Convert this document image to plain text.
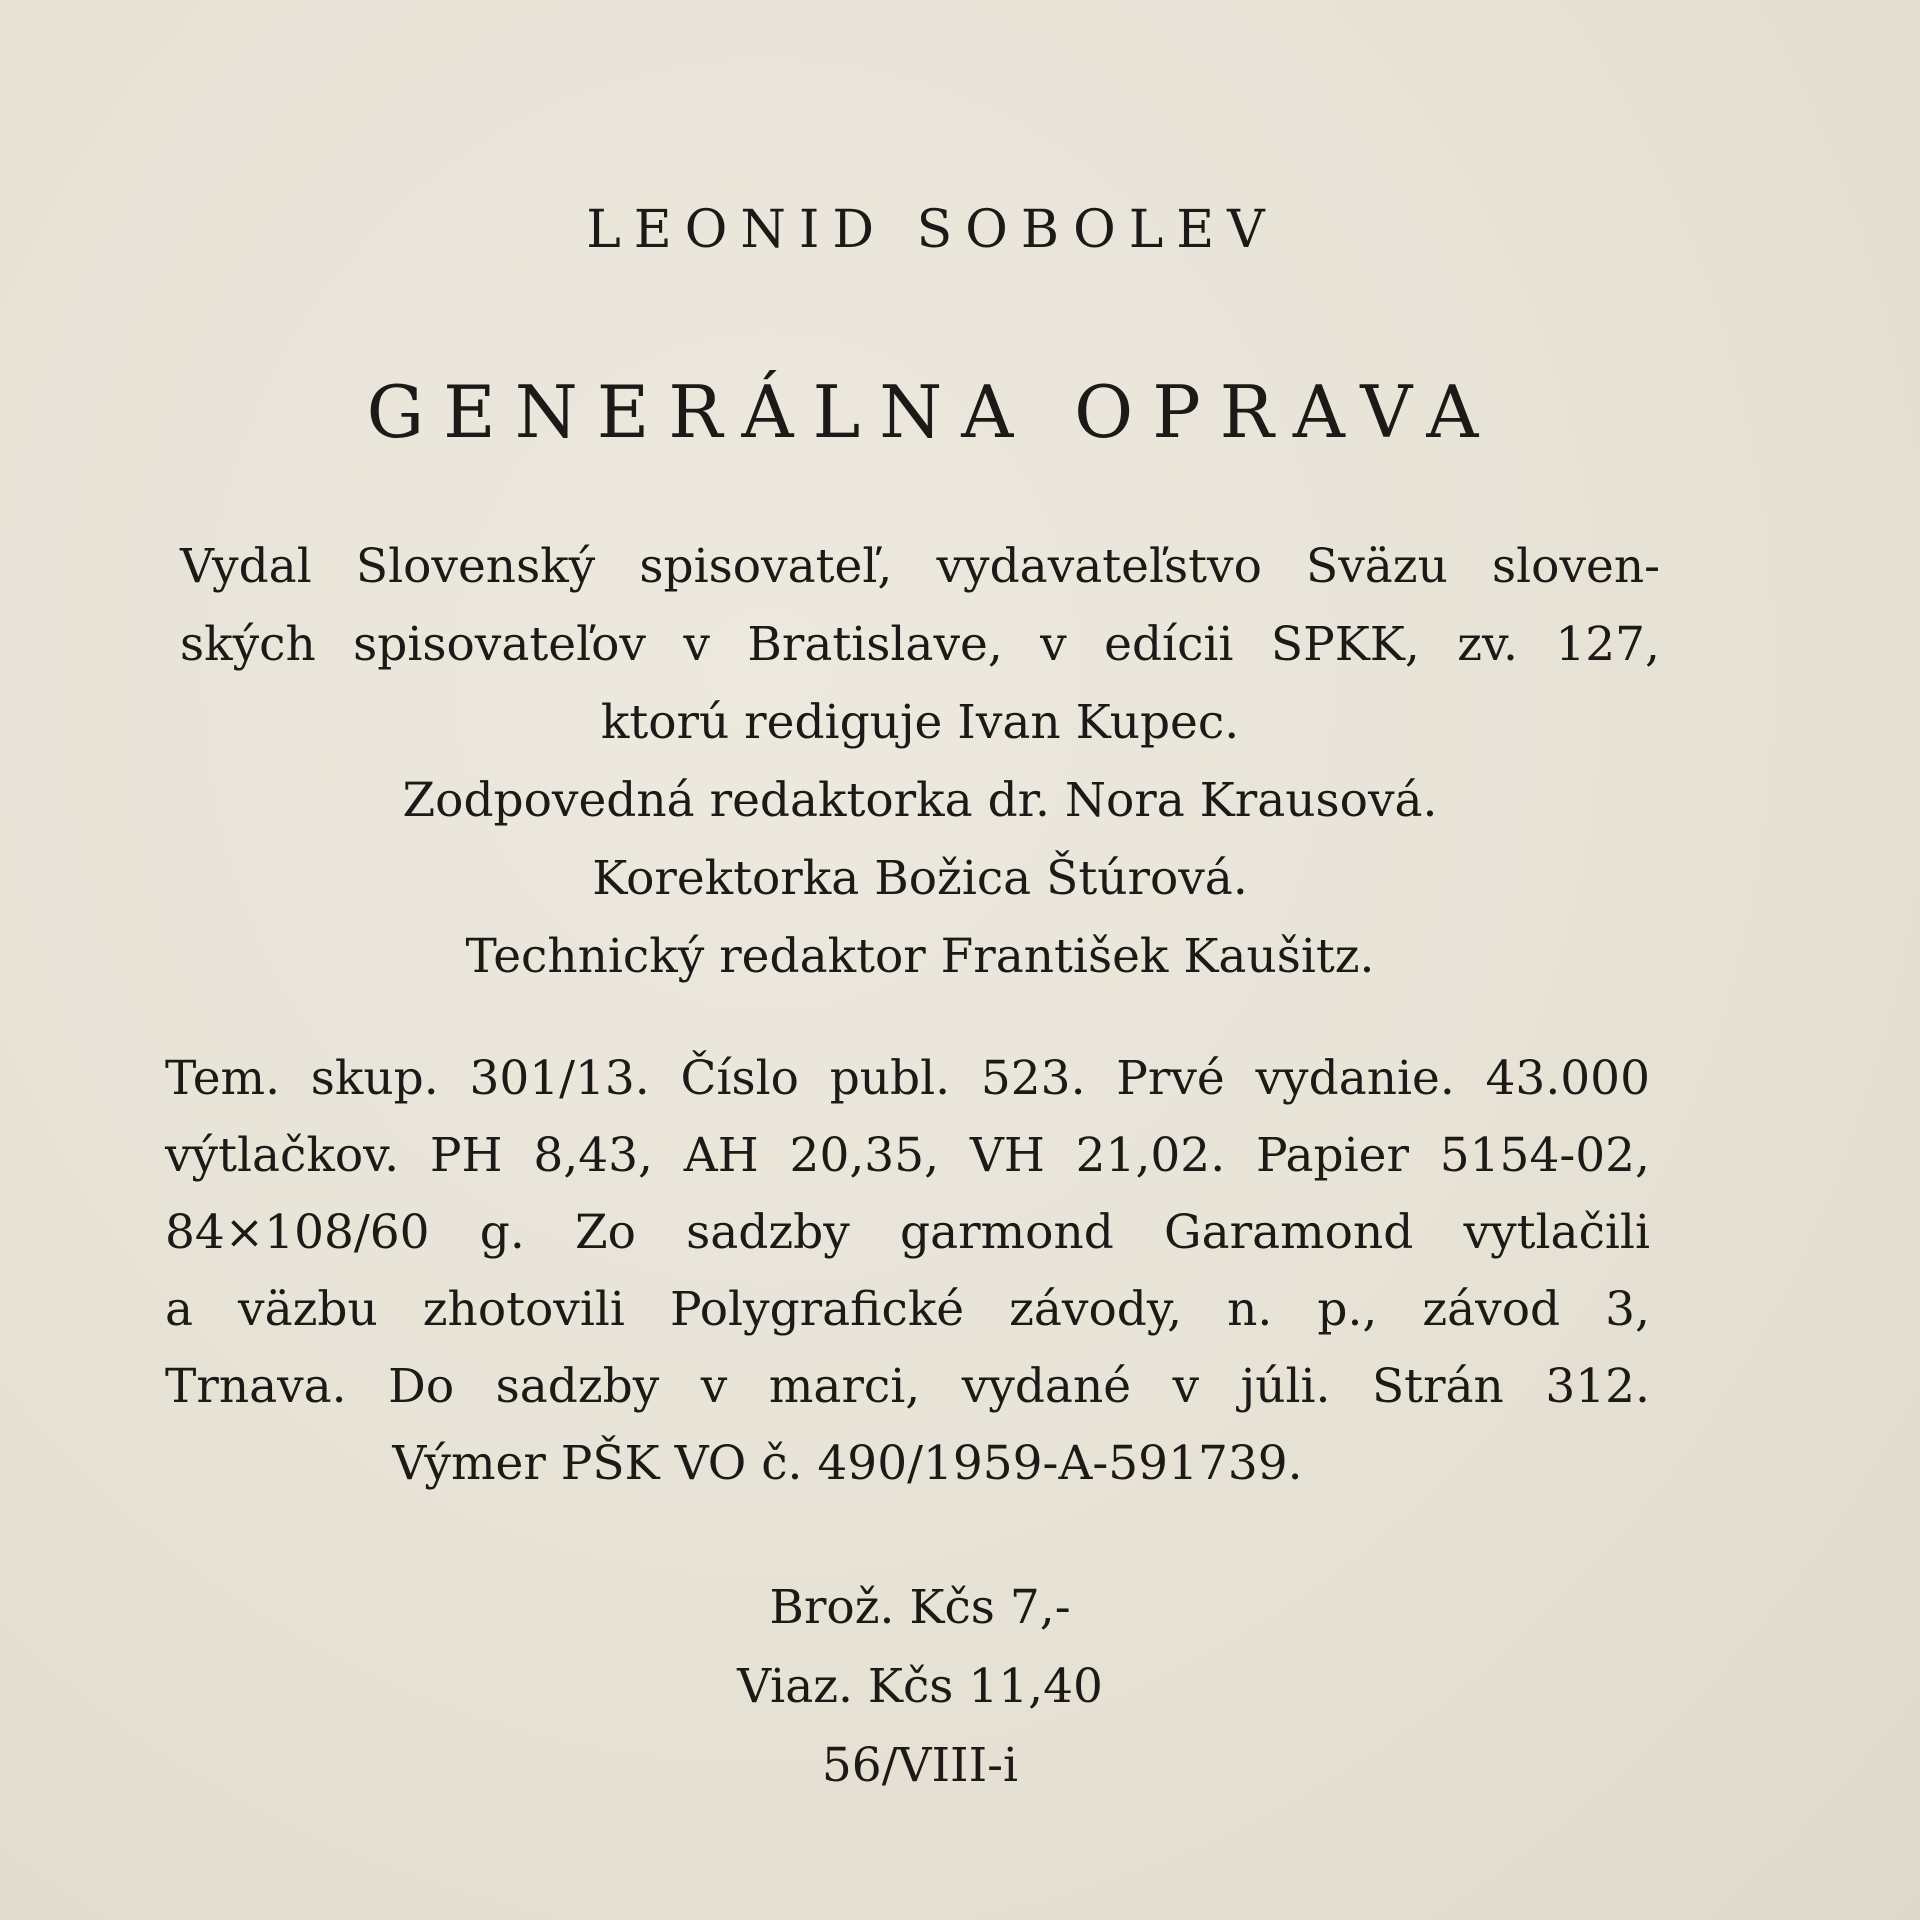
LEONID SOBOLEV
GENERÁLNA OPRAVA
Vydal Slovenský spisovateľ, vydavateľstvo Sväzu sloven-
ských spisovateľov v Bratislave, v edícii SPKK, zv. 127,
ktorú rediguje Ivan Kupec.
Zodpovedná redaktorka dr. Nora Krausová.
Korektorka Božica Štúrová.
Technický redaktor František Kaušitz.
Tem. skup. 301/13. Číslo publ. 523. Prvé vydanie. 43.000
výtlačkov. PH 8,43, AH 20,35, VH 21,02. Papier 5154-02,
84×108/60 g. Zo sadzby garmond Garamond vytlačili
a väzbu zhotovili Polygrafické závody, n. p., závod 3,
Trnava. Do sadzby v marci, vydané v júli. Strán 312.
Výmer PŠK VO č. 490/1959-A-591739.
Brož. Kčs 7,-
Viaz. Kčs 11,40
56/VIII-i
